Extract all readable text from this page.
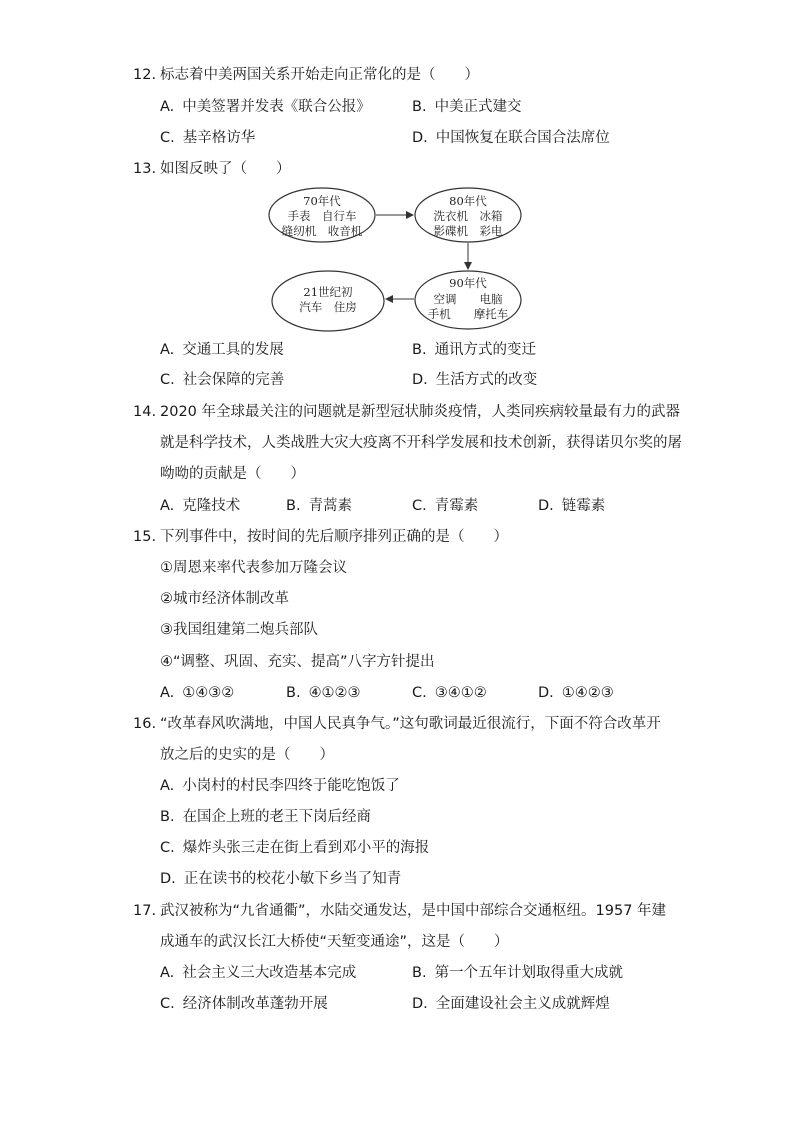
12. 标志着中美两国关系开始走向正常化的是（　　）
A. 中美签署并发表《联合公报》	B. 中美正式建交
C. 基辛格访华	D. 中国恢复在联合国合法席位
13. 如图反映了（　　）
70年代
手表　自行车
缝纫机　收音机
80年代
洗衣机　冰箱
影碟机　彩电
90年代
空调　　电脑
手机　　摩托车
21世纪初
汽车　住房
A. 交通工具的发展	B. 通讯方式的变迁
C. 社会保障的完善	D. 生活方式的改变
14. 2020 年全球最关注的问题就是新型冠状肺炎疫情，人类同疾病较量最有力的武器
就是科学技术，人类战胜大灾大疫离不开科学发展和技术创新，获得诺贝尔奖的屠
呦呦的贡献是（　　）
A. 克隆技术	B. 青蒿素	C. 青霉素	D. 链霉素
15. 下列事件中，按时间的先后顺序排列正确的是（　　）
①周恩来率代表参加万隆会议
②城市经济体制改革
③我国组建第二炮兵部队
④“调整、巩固、充实、提高”八字方针提出
A. ①④③②	B. ④①②③	C. ③④①②	D. ①④②③
16. “改革春风吹满地，中国人民真争气。”这句歌词最近很流行，下面不符合改革开
放之后的史实的是（　　）
A. 小岗村的村民李四终于能吃饱饭了
B. 在国企上班的老王下岗后经商
C. 爆炸头张三走在街上看到邓小平的海报
D. 正在读书的校花小敏下乡当了知青
17. 武汉被称为“九省通衢”，水陆交通发达，是中国中部综合交通枢纽。1957 年建
成通车的武汉长江大桥使“天堑变通途”，这是（　　）
A. 社会主义三大改造基本完成	B. 第一个五年计划取得重大成就
C. 经济体制改革蓬勃开展	D. 全面建设社会主义成就辉煌
